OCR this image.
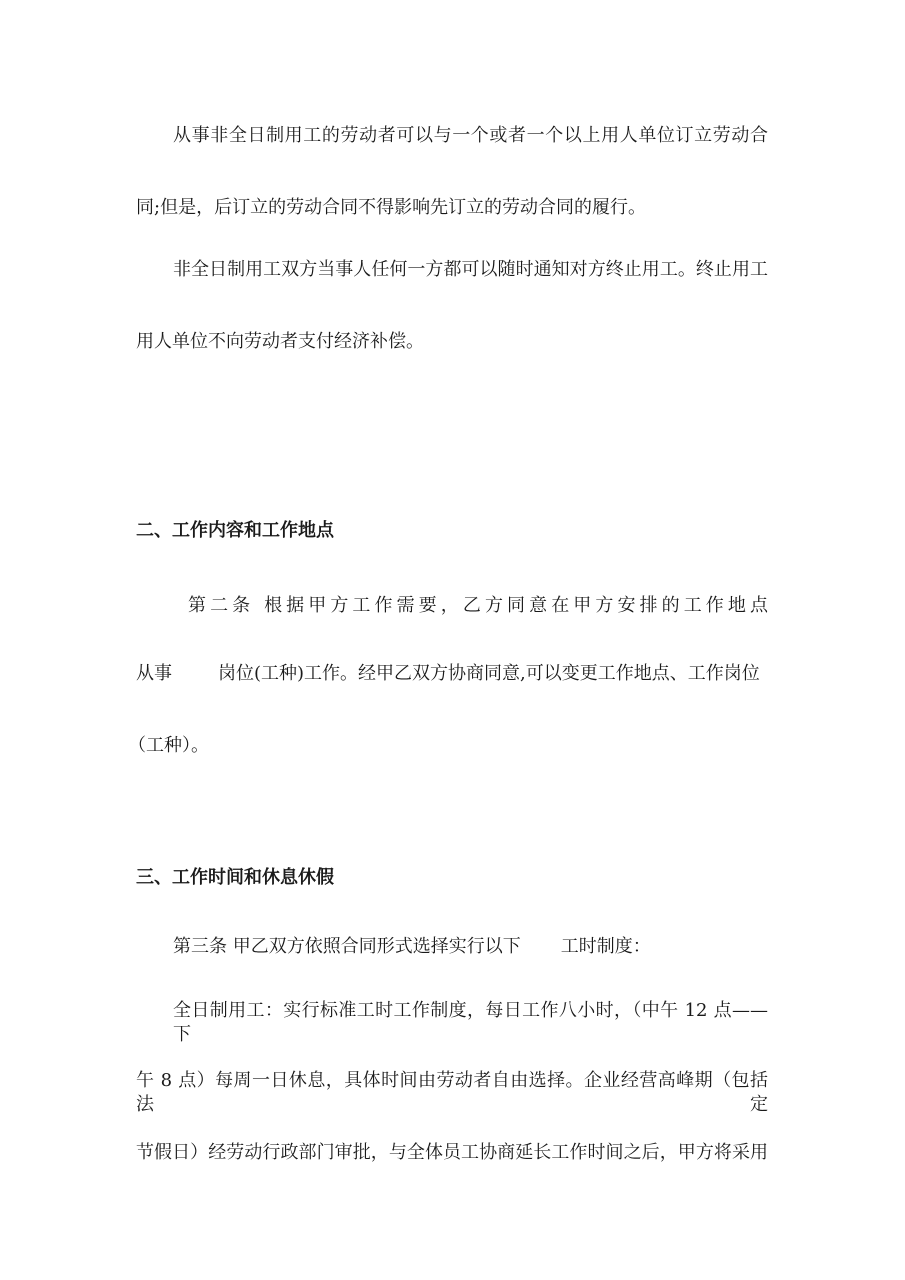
从事非全日制用工的劳动者可以与一个或者一个以上用人单位订立劳动合

同;但是，后订立的劳动合同不得影响先订立的劳动合同的履行。

非全日制用工双方当事人任何一方都可以随时通知对方终止用工。终止用工

用人单位不向劳动者支付经济补偿。

二、工作内容和工作地点

第二条 根据甲方工作需要，乙方同意在甲方安排的工作地点

从事	岗位(工种)工作。经甲乙双方协商同意,可以变更工作地点、工作岗位

（工种）。

三、工作时间和休息休假

第三条 甲乙双方依照合同形式选择实行以下 工时制度：

全日制用工：实行标准工时工作制度，每日工作八小时，（中午 12 点——下

午 8 点）每周一日休息，具体时间由劳动者自由选择。企业经营高峰期（包括法定

节假日）经劳动行政部门审批，与全体员工协商延长工作时间之后，甲方将采用
